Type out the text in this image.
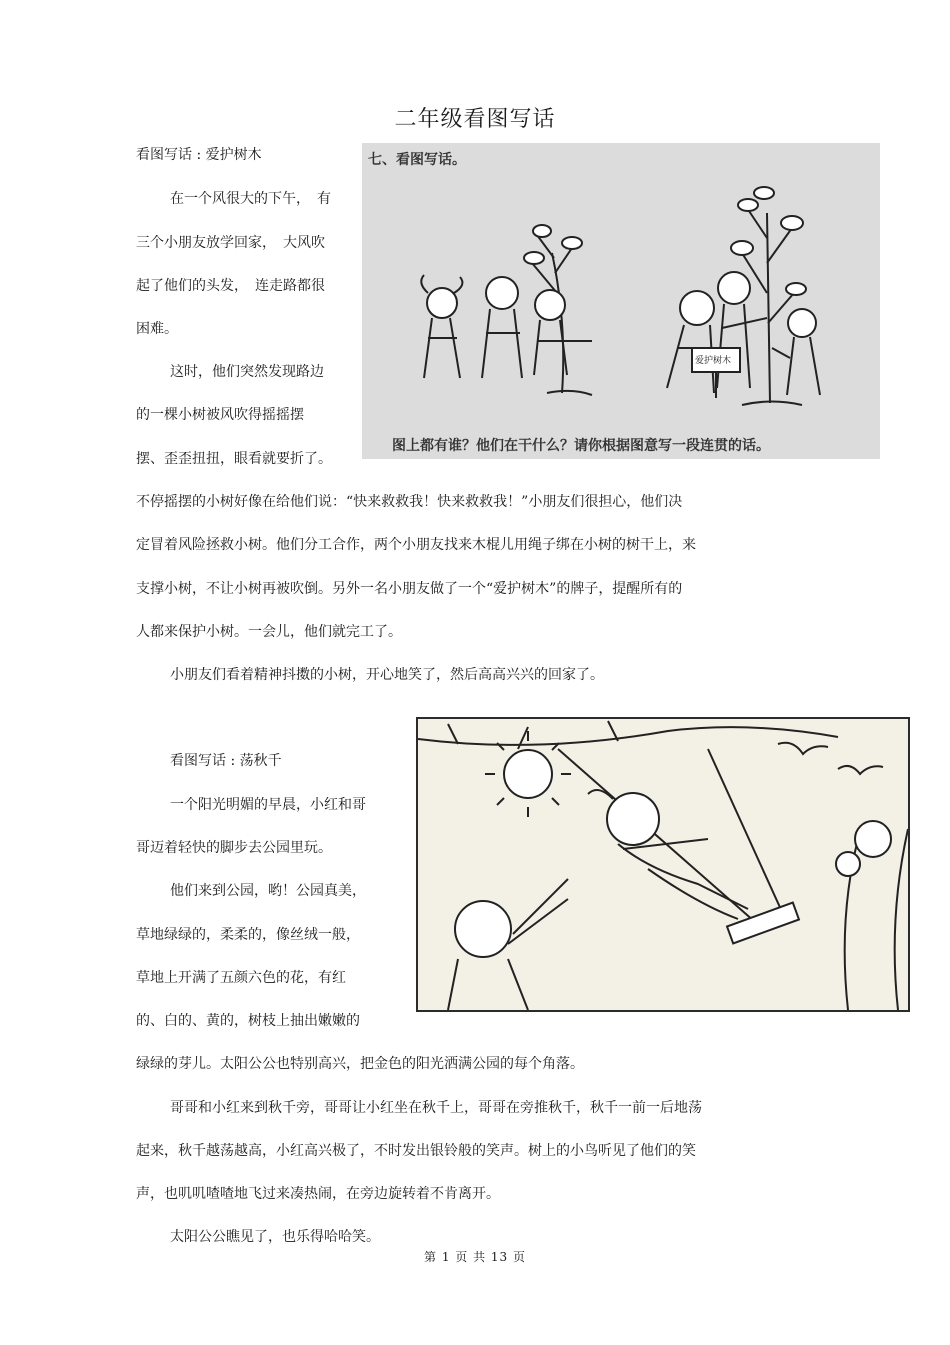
二年级看图写话
看图写话 : 爱护树木
在一个风很大的下午，　有
三个小朋友放学回家，　大风吹
起了他们的头发，　连走路都很
困难。
这时，他们突然发现路边
的一棵小树被风吹得摇摇摆
摆、歪歪扭扭，眼看就要折了。
不停摇摆的小树好像在给他们说：“快来救救我！快来救救我！”小朋友们很担心，他们决
定冒着风险拯救小树。他们分工合作，两个小朋友找来木棍儿用绳子绑在小树的树干上，来
支撑小树，不让小树再被吹倒。另外一名小朋友做了一个“爱护树木”的牌子，提醒所有的
人都来保护小树。一会儿，他们就完工了。
小朋友们看着精神抖擞的小树，开心地笑了，然后高高兴兴的回家了。
七、看图写话。
爱护树木
图上都有谁？他们在干什么？请你根据图意写一段连贯的话。
看图写话 : 荡秋千
一个阳光明媚的早晨，小红和哥
哥迈着轻快的脚步去公园里玩。
他们来到公园，哟！公园真美，
草地绿绿的，柔柔的，像丝绒一般，
草地上开满了五颜六色的花，有红
的、白的、黄的，树枝上抽出嫩嫩的
绿绿的芽儿。太阳公公也特别高兴，把金色的阳光洒满公园的每个角落。
哥哥和小红来到秋千旁，哥哥让小红坐在秋千上，哥哥在旁推秋千，秋千一前一后地荡
起来，秋千越荡越高，小红高兴极了，不时发出银铃般的笑声。树上的小鸟听见了他们的笑
声，也叽叽喳喳地飞过来凑热闹，在旁边旋转着不肯离开。
太阳公公瞧见了，也乐得哈哈笑。
第 1 页 共 13 页
